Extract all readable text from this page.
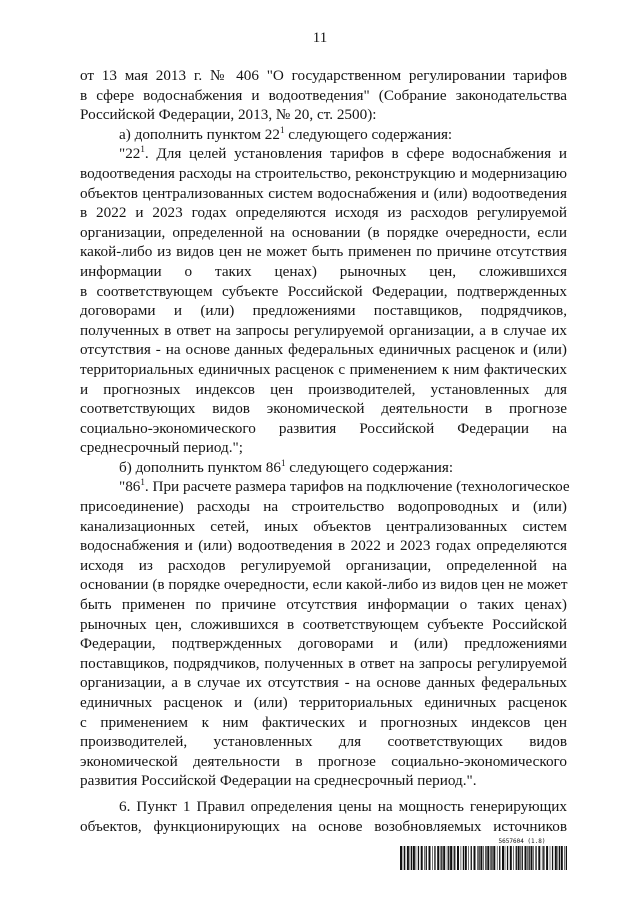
11
от 13 мая 2013 г. № 406 "О государственном регулировании тарифов
в сфере водоснабжения и водоотведения" (Собрание законодательства
Российской Федерации, 2013, № 20, ст. 2500):
а) дополнить пунктом $22^1$ следующего содержания:
"$22^1$. Для целей установления тарифов в сфере водоснабжения и
водоотведения расходы на строительство, реконструкцию и модернизацию
объектов централизованных систем водоснабжения и (или) водоотведения
в 2022 и 2023 годах определяются исходя из расходов регулируемой
организации, определенной на основании (в порядке очередности, если
какой-либо из видов цен не может быть применен по причине отсутствия
информации о таких ценах) рыночных цен, сложившихся
в соответствующем субъекте Российской Федерации, подтвержденных
договорами и (или) предложениями поставщиков, подрядчиков,
полученных в ответ на запросы регулируемой организации, а в случае их
отсутствия - на основе данных федеральных единичных расценок и (или)
территориальных единичных расценок с применением к ним фактических
и прогнозных индексов цен производителей, установленных для
соответствующих видов экономической деятельности в прогнозе
социально-экономического развития Российской Федерации на
среднесрочный период.";
б) дополнить пунктом $86^1$ следующего содержания:
"$86^1$. При расчете размера тарифов на подключение (технологическое
присоединение) расходы на строительство водопроводных и (или)
канализационных сетей, иных объектов централизованных систем
водоснабжения и (или) водоотведения в 2022 и 2023 годах определяются
исходя из расходов регулируемой организации, определенной на
основании (в порядке очередности, если какой-либо из видов цен не может
быть применен по причине отсутствия информации о таких ценах)
рыночных цен, сложившихся в соответствующем субъекте Российской
Федерации, подтвержденных договорами и (или) предложениями
поставщиков, подрядчиков, полученных в ответ на запросы регулируемой
организации, а в случае их отсутствия - на основе данных федеральных
единичных расценок и (или) территориальных единичных расценок
с применением к ним фактических и прогнозных индексов цен
производителей, установленных для соответствующих видов
экономической деятельности в прогнозе социально-экономического
развития Российской Федерации на среднесрочный период.".
6. Пункт 1 Правил определения цены на мощность генерирующих
объектов, функционирующих на основе возобновляемых источников
5657604 (1.8)
